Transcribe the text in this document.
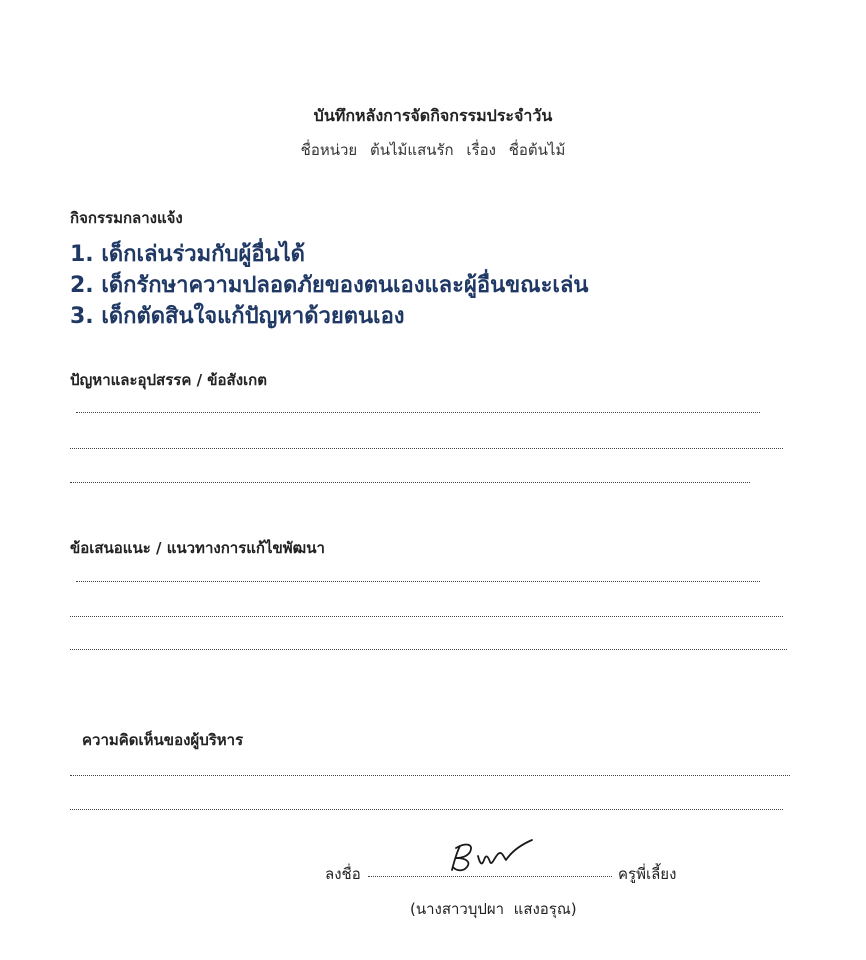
บันทึกหลังการจัดกิจกรรมประจำวัน
ชื่อหน่วย ต้นไม้แสนรัก เรื่อง ชื่อต้นไม้
กิจกรรมกลางแจ้ง
1. เด็กเล่นร่วมกับผู้อื่นได้
2. เด็กรักษาความปลอดภัยของตนเองและผู้อื่นขณะเล่น
3. เด็กตัดสินใจแก้ปัญหาด้วยตนเอง
ปัญหาและอุปสรรค / ข้อสังเกต
ข้อเสนอแนะ / แนวทางการแก้ไขพัฒนา
ความคิดเห็นของผู้บริหาร
ลงชื่อ	ครูพี่เลี้ยง
(นางสาวบุปผา  แสงอรุณ)
